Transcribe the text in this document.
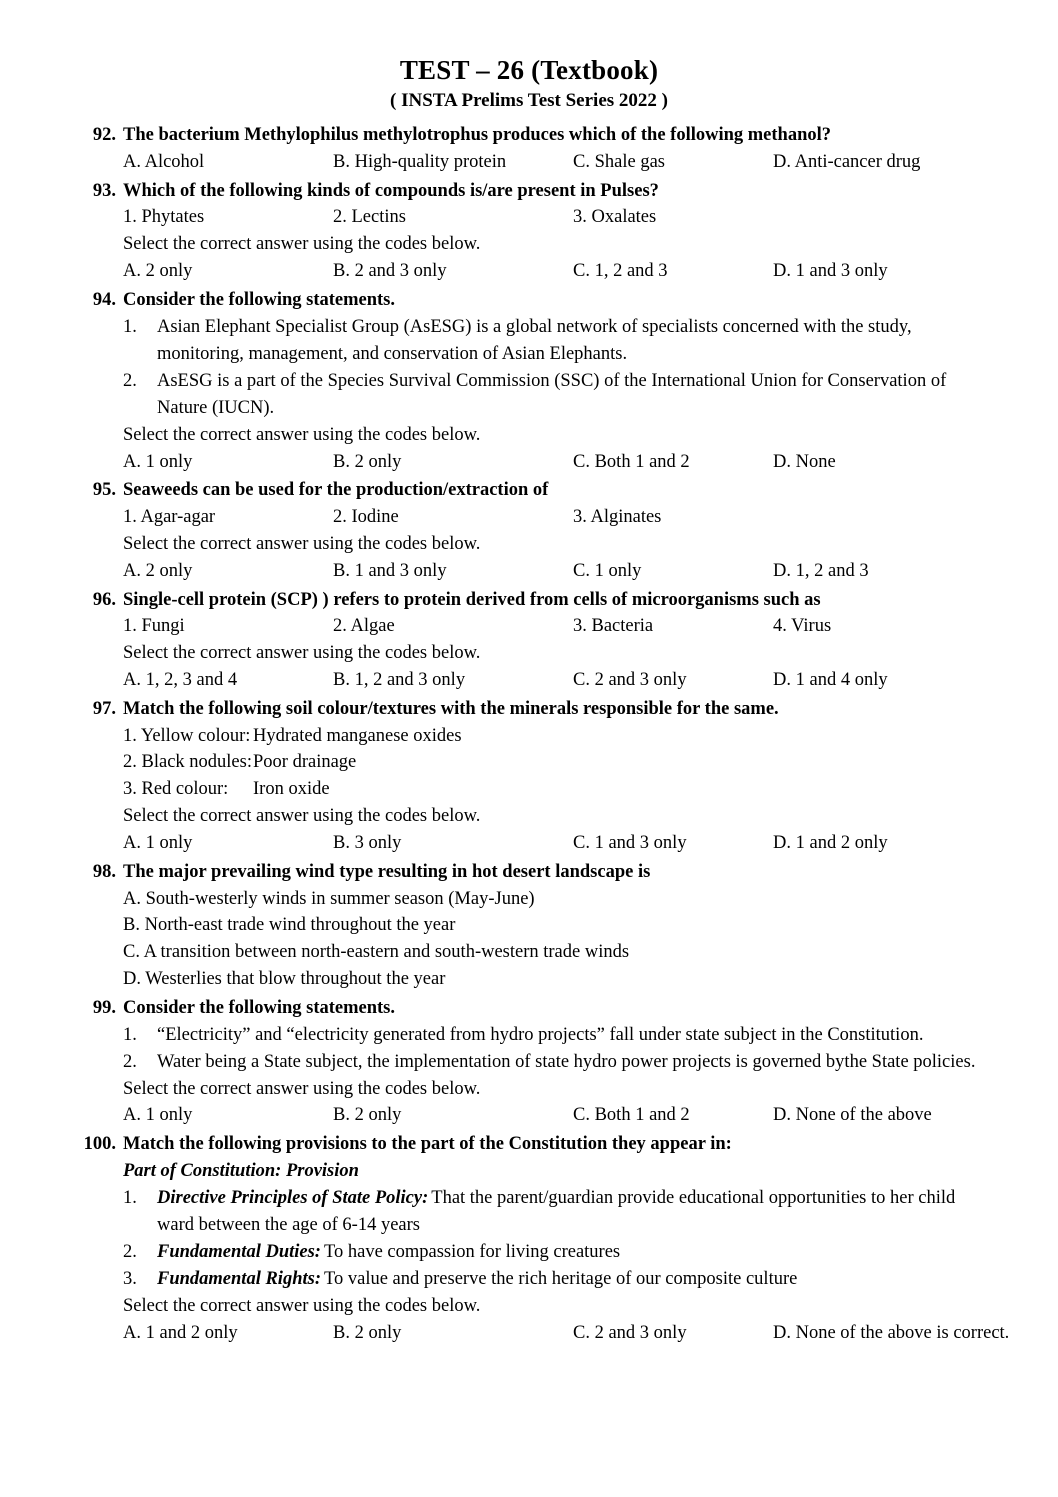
TEST – 26 (Textbook)
( INSTA Prelims Test Series 2022 )
92. The bacterium Methylophilus methylotrophus produces which of the following methanol?
A. Alcohol	B. High-quality protein	C. Shale gas	D. Anti-cancer drug
93. Which of the following kinds of compounds is/are present in Pulses?
1. Phytates	2. Lectins	3. Oxalates
Select the correct answer using the codes below.
A. 2 only	B. 2 and 3 only	C. 1, 2 and 3	D. 1 and 3 only
94. Consider the following statements.
1.	Asian Elephant Specialist Group (AsESG) is a global network of specialists concerned with the study, monitoring, management, and conservation of Asian Elephants.
2.	AsESG is a part of the Species Survival Commission (SSC) of the International Union for Conservation of Nature (IUCN).
Select the correct answer using the codes below.
A. 1 only	B. 2 only	C. Both 1 and 2	D. None
95. Seaweeds can be used for the production/extraction of
1. Agar-agar	2. Iodine	3. Alginates
Select the correct answer using the codes below.
A. 2 only	B. 1 and 3 only	C. 1 only	D. 1, 2 and 3
96. Single-cell protein (SCP) ) refers to protein derived from cells of microorganisms such as
1. Fungi	2. Algae	3. Bacteria	4. Virus
Select the correct answer using the codes below.
A. 1, 2, 3 and 4	B. 1, 2 and 3 only	C. 2 and 3 only	D. 1 and 4 only
97. Match the following soil colour/textures with the minerals responsible for the same.
1. Yellow colour: Hydrated manganese oxides
2. Black nodules: Poor drainage
3. Red colour:	Iron oxide
Select the correct answer using the codes below.
A. 1 only	B. 3 only	C. 1 and 3 only	D. 1 and 2 only
98. The major prevailing wind type resulting in hot desert landscape is
A. South-westerly winds in summer season (May-June)
B. North-east trade wind throughout the year
C. A transition between north-eastern and south-western trade winds
D. Westerlies that blow throughout the year
99. Consider the following statements.
1.	“Electricity” and “electricity generated from hydro projects” fall under state subject in the Constitution.
2.	Water being a State subject, the implementation of state hydro power projects is governed bythe State policies.
Select the correct answer using the codes below.
A. 1 only	B. 2 only	C. Both 1 and 2	D. None of the above
100. Match the following provisions to the part of the Constitution they appear in:
Part of Constitution: Provision
1.	Directive Principles of State Policy: That the parent/guardian provide educational opportunities to her child ward between the age of 6-14 years
2.	Fundamental Duties: To have compassion for living creatures
3.	Fundamental Rights: To value and preserve the rich heritage of our composite culture
Select the correct answer using the codes below.
A. 1 and 2 only	B. 2 only	C. 2 and 3 only	D. None of the above is correct.
